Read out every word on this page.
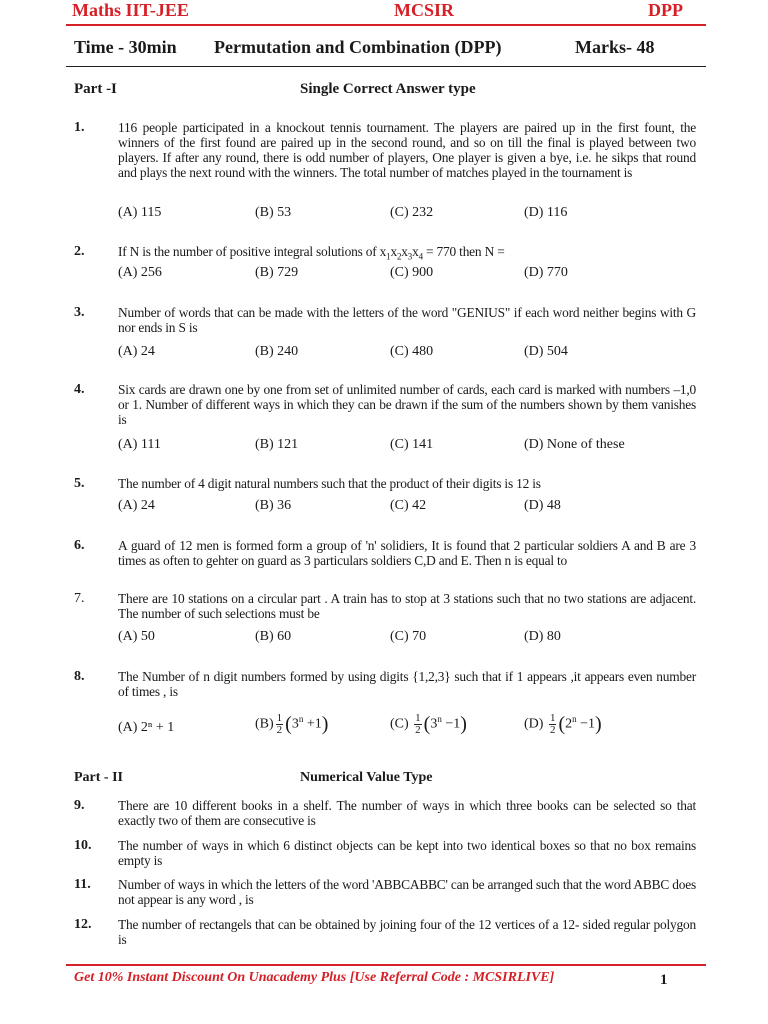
Maths IIT-JEE	MCSIR	DPP
Time - 30min Permutation and Combination (DPP)	Marks- 48
Part -I	Single Correct Answer type
1.	116 people participated in a knockout tennis tournament. The players are paired up in the first fount, the winners of the first found are paired up in the second round, and so on till the final is played between two players. If after any round, there is odd number of players, One player is given a bye, i.e. he sikps that round and plays the next round with the winners. The total number of matches played in the tournament is
(A) 115	(B) 53	(C) 232	(D) 116
2.	If N is the number of positive integral solutions of $x_1x_2x_3x_4 = 770$ then N =
(A) 256	(B) 729	(C) 900	(D) 770
3.	Number of words that can be made with the letters of the word "GENIUS" if each word neither begins with G nor ends in S is
(A) 24	(B) 240	(C) 480	(D) 504
4.	Six cards are drawn one by one from set of unlimited number of cards, each card is marked with numbers –1,0 or 1. Number of different ways in which they can be drawn if the sum of the numbers shown by them vanishes is
(A) 111	(B) 121	(C) 141	(D) None of these
5.	The number of 4 digit natural numbers such that the product of their digits is 12 is
(A) 24	(B) 36	(C) 42	(D) 48
6.	A guard of 12 men is formed form a group of 'n' solidiers, It is found that 2 particular soldiers A and B are 3 times as often to gehter on guard as 3 particulars soldiers C,D and E. Then n is equal to
7.	There are 10 stations on a circular part . A train has to stop at 3 stations such that no two stations are adjacent. The number of such selections must be
(A) 50	(B) 60	(C) 70	(D) 80
8.	The Number of n digit numbers formed by using digits {1,2,3} such that if 1 appears ,it appears even number of times , is
(A) 2ⁿ + 1	$(B) \frac{1}{2} (3^n +1)$	$(C) \frac{1}{2} (3^n -1)$	$(D) \frac{1}{2} (2^n -1)$
Part - II	Numerical Value Type
9.	There are 10 different books in a shelf. The number of ways in which three books can be selected so that exactly two of them are consecutive is
10. The number of ways in which 6 distinct objects can be kept into two identical boxes so that no box remains empty is
11. Number of ways in which the letters of the word 'ABBCABBC' can be arranged such that the word ABBC does not appear is any word , is
12. The number of rectangels that can be obtained by joining four of the 12 vertices of a 12- sided regular polygon is
Get 10% Instant Discount On Unacademy Plus [Use Referral Code : MCSIRLIVE]	1
